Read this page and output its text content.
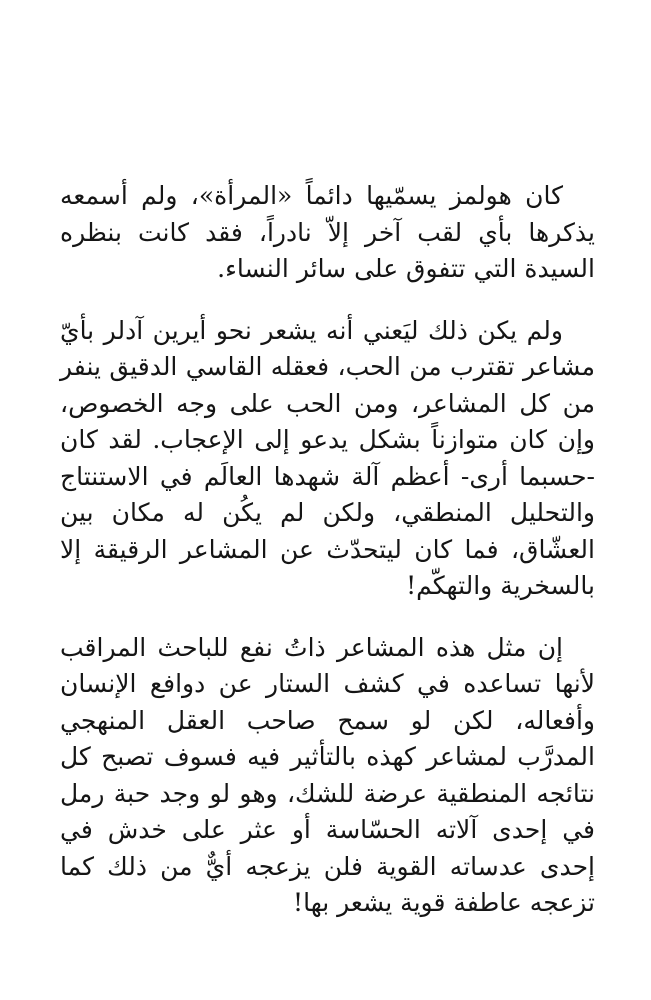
كان هولمز يسمّيها دائماً «المرأة»، ولم أسمعه يذكرها بأي لقب آخر إلاّ نادراً، فقد كانت بنظره السيدة التي تتفوق على سائر النساء.

ولم يكن ذلك ليَعني أنه يشعر نحو أيرين آدلر بأيّ مشاعر تقترب من الحب، فعقله القاسي الدقيق ينفر من كل المشاعر، ومن الحب على وجه الخصوص، وإن كان متوازناً بشكل يدعو إلى الإعجاب. لقد كان -حسبما أرى- أعظم آلة شهدها العالَم في الاستنتاج والتحليل المنطقي، ولكن لم يكُن له مكان بين العشّاق، فما كان ليتحدّث عن المشاعر الرقيقة إلا بالسخرية والتهكّم!

إن مثل هذه المشاعر ذاتُ نفع للباحث المراقب لأنها تساعده في كشف الستار عن دوافع الإنسان وأفعاله، لكن لو سمح صاحب العقل المنهجي المدرَّب لمشاعر كهذه بالتأثير فيه فسوف تصبح كل نتائجه المنطقية عرضة للشك، وهو لو وجد حبة رمل في إحدى آلاته الحسّاسة أو عثر على خدش في إحدى عدساته القوية فلن يزعجه أيٌّ من ذلك كما تزعجه عاطفة قوية يشعر بها!
